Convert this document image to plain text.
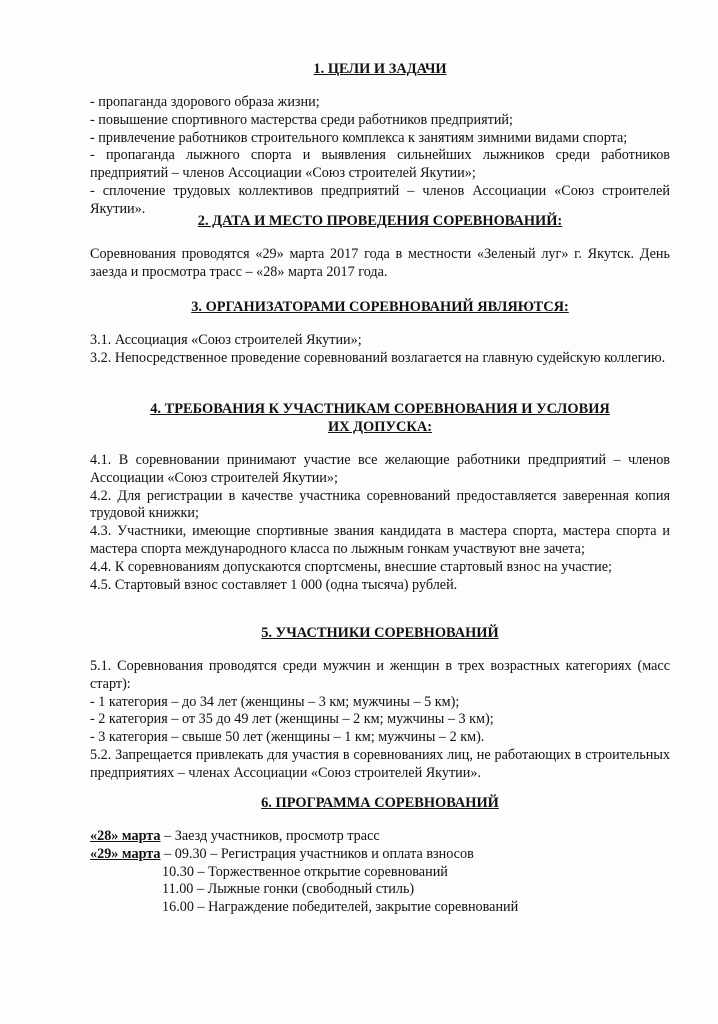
1. ЦЕЛИ И ЗАДАЧИ

- пропаганда здорового образа жизни;

- повышение спортивного мастерства среди работников предприятий;

- привлечение работников строительного комплекса к занятиям зимними видами спорта;

- пропаганда лыжного спорта и выявления сильнейших лыжников среди работников предприятий – членов Ассоциации «Союз строителей Якутии»;

- сплочение трудовых коллективов предприятий – членов Ассоциации «Союз строителей Якутии».

2. ДАТА И МЕСТО ПРОВЕДЕНИЯ СОРЕВНОВАНИЙ:

Соревнования проводятся «29» марта 2017 года в местности «Зеленый луг» г. Якутск. День заезда и просмотра трасс – «28» марта 2017 года.

3. ОРГАНИЗАТОРАМИ СОРЕВНОВАНИЙ ЯВЛЯЮТСЯ:

3.1. Ассоциация «Союз строителей Якутии»;

3.2. Непосредственное проведение соревнований возлагается на главную судейскую коллегию.

4. ТРЕБОВАНИЯ К УЧАСТНИКАМ СОРЕВНОВАНИЯ И УСЛОВИЯ ИХ ДОПУСКА:

4.1. В соревновании принимают участие все желающие работники предприятий – членов Ассоциации «Союз строителей Якутии»;

4.2. Для регистрации в качестве участника соревнований предоставляется заверенная копия трудовой книжки;

4.3. Участники, имеющие спортивные звания кандидата в мастера спорта, мастера спорта и мастера спорта международного класса по лыжным гонкам участвуют вне зачета;

4.4. К соревнованиям допускаются спортсмены, внесшие стартовый взнос на участие;

4.5. Стартовый взнос составляет 1 000 (одна тысяча) рублей.

5. УЧАСТНИКИ СОРЕВНОВАНИЙ

5.1. Соревнования проводятся среди мужчин и женщин в трех возрастных категориях (масс старт):

- 1 категория – до 34 лет (женщины – 3 км; мужчины – 5 км);

- 2 категория – от 35 до 49 лет (женщины – 2 км; мужчины – 3 км);

- 3 категория – свыше 50 лет (женщины – 1 км; мужчины – 2 км).

5.2. Запрещается привлекать для участия в соревнованиях лиц, не работающих в строительных предприятиях – членах Ассоциации «Союз строителей Якутии».

6. ПРОГРАММА СОРЕВНОВАНИЙ
«28» марта – Заезд участников, просмотр трасс
«29» марта – 09.30 – Регистрация участников и оплата взносов
10.30 – Торжественное открытие соревнований
11.00 – Лыжные гонки (свободный стиль)
16.00 – Награждение победителей, закрытие соревнований
